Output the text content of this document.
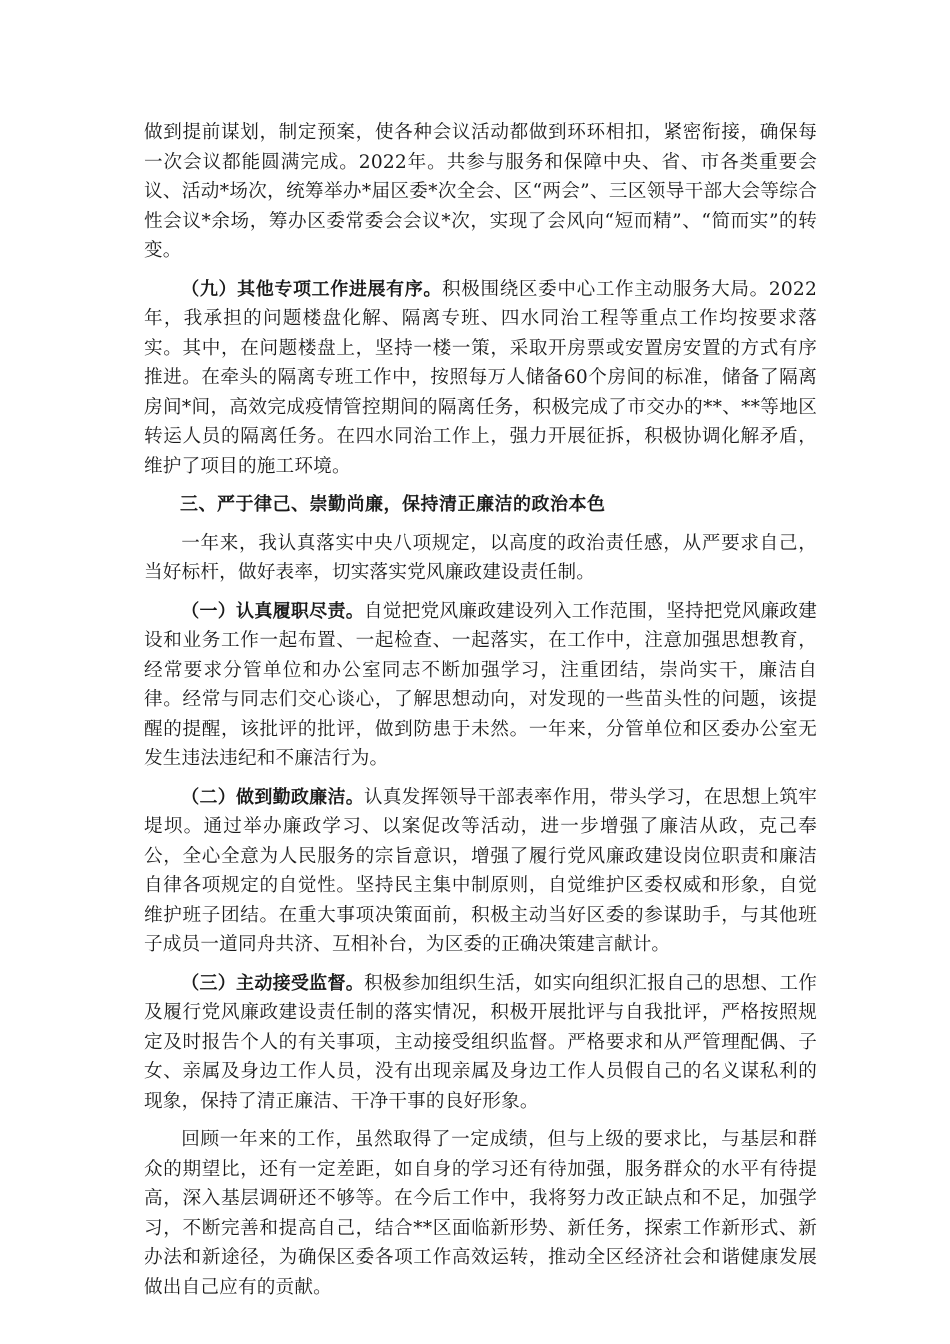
做到提前谋划，制定预案，使各种会议活动都做到环环相扣，紧密衔接，确保每一次会议都能圆满完成。2022年。共参与服务和保障中央、省、市各类重要会议、活动*场次，统筹举办*届区委*次全会、区“两会”、三区领导干部大会等综合性会议*余场，筹办区委常委会会议*次，实现了会风向“短而精”、“简而实”的转变。

（九）其他专项工作进展有序。积极围绕区委中心工作主动服务大局。2022年，我承担的问题楼盘化解、隔离专班、四水同治工程等重点工作均按要求落实。其中，在问题楼盘上，坚持一楼一策，采取开房票或安置房安置的方式有序推进。在牵头的隔离专班工作中，按照每万人储备60个房间的标准，储备了隔离房间*间，高效完成疫情管控期间的隔离任务，积极完成了市交办的**、**等地区转运人员的隔离任务。在四水同治工作上，强力开展征拆，积极协调化解矛盾，维护了项目的施工环境。

三、严于律己、崇勤尚廉，保持清正廉洁的政治本色

一年来，我认真落实中央八项规定，以高度的政治责任感，从严要求自己，当好标杆，做好表率，切实落实党风廉政建设责任制。

（一）认真履职尽责。自觉把党风廉政建设列入工作范围，坚持把党风廉政建设和业务工作一起布置、一起检查、一起落实，在工作中，注意加强思想教育，经常要求分管单位和办公室同志不断加强学习，注重团结，崇尚实干，廉洁自律。经常与同志们交心谈心，了解思想动向，对发现的一些苗头性的问题，该提醒的提醒，该批评的批评，做到防患于未然。一年来，分管单位和区委办公室无发生违法违纪和不廉洁行为。

（二）做到勤政廉洁。认真发挥领导干部表率作用，带头学习，在思想上筑牢堤坝。通过举办廉政学习、以案促改等活动，进一步增强了廉洁从政，克己奉公，全心全意为人民服务的宗旨意识，增强了履行党风廉政建设岗位职责和廉洁自律各项规定的自觉性。坚持民主集中制原则，自觉维护区委权威和形象，自觉维护班子团结。在重大事项决策面前，积极主动当好区委的参谋助手，与其他班子成员一道同舟共济、互相补台，为区委的正确决策建言献计。

（三）主动接受监督。积极参加组织生活，如实向组织汇报自己的思想、工作及履行党风廉政建设责任制的落实情况，积极开展批评与自我批评，严格按照规定及时报告个人的有关事项，主动接受组织监督。严格要求和从严管理配偶、子女、亲属及身边工作人员，没有出现亲属及身边工作人员假自己的名义谋私利的现象，保持了清正廉洁、干净干事的良好形象。

回顾一年来的工作，虽然取得了一定成绩，但与上级的要求比，与基层和群众的期望比，还有一定差距，如自身的学习还有待加强，服务群众的水平有待提高，深入基层调研还不够等。在今后工作中，我将努力改正缺点和不足，加强学习，不断完善和提高自己，结合**区面临新形势、新任务，探索工作新形式、新办法和新途径，为确保区委各项工作高效运转，推动全区经济社会和谐健康发展做出自己应有的贡献。
